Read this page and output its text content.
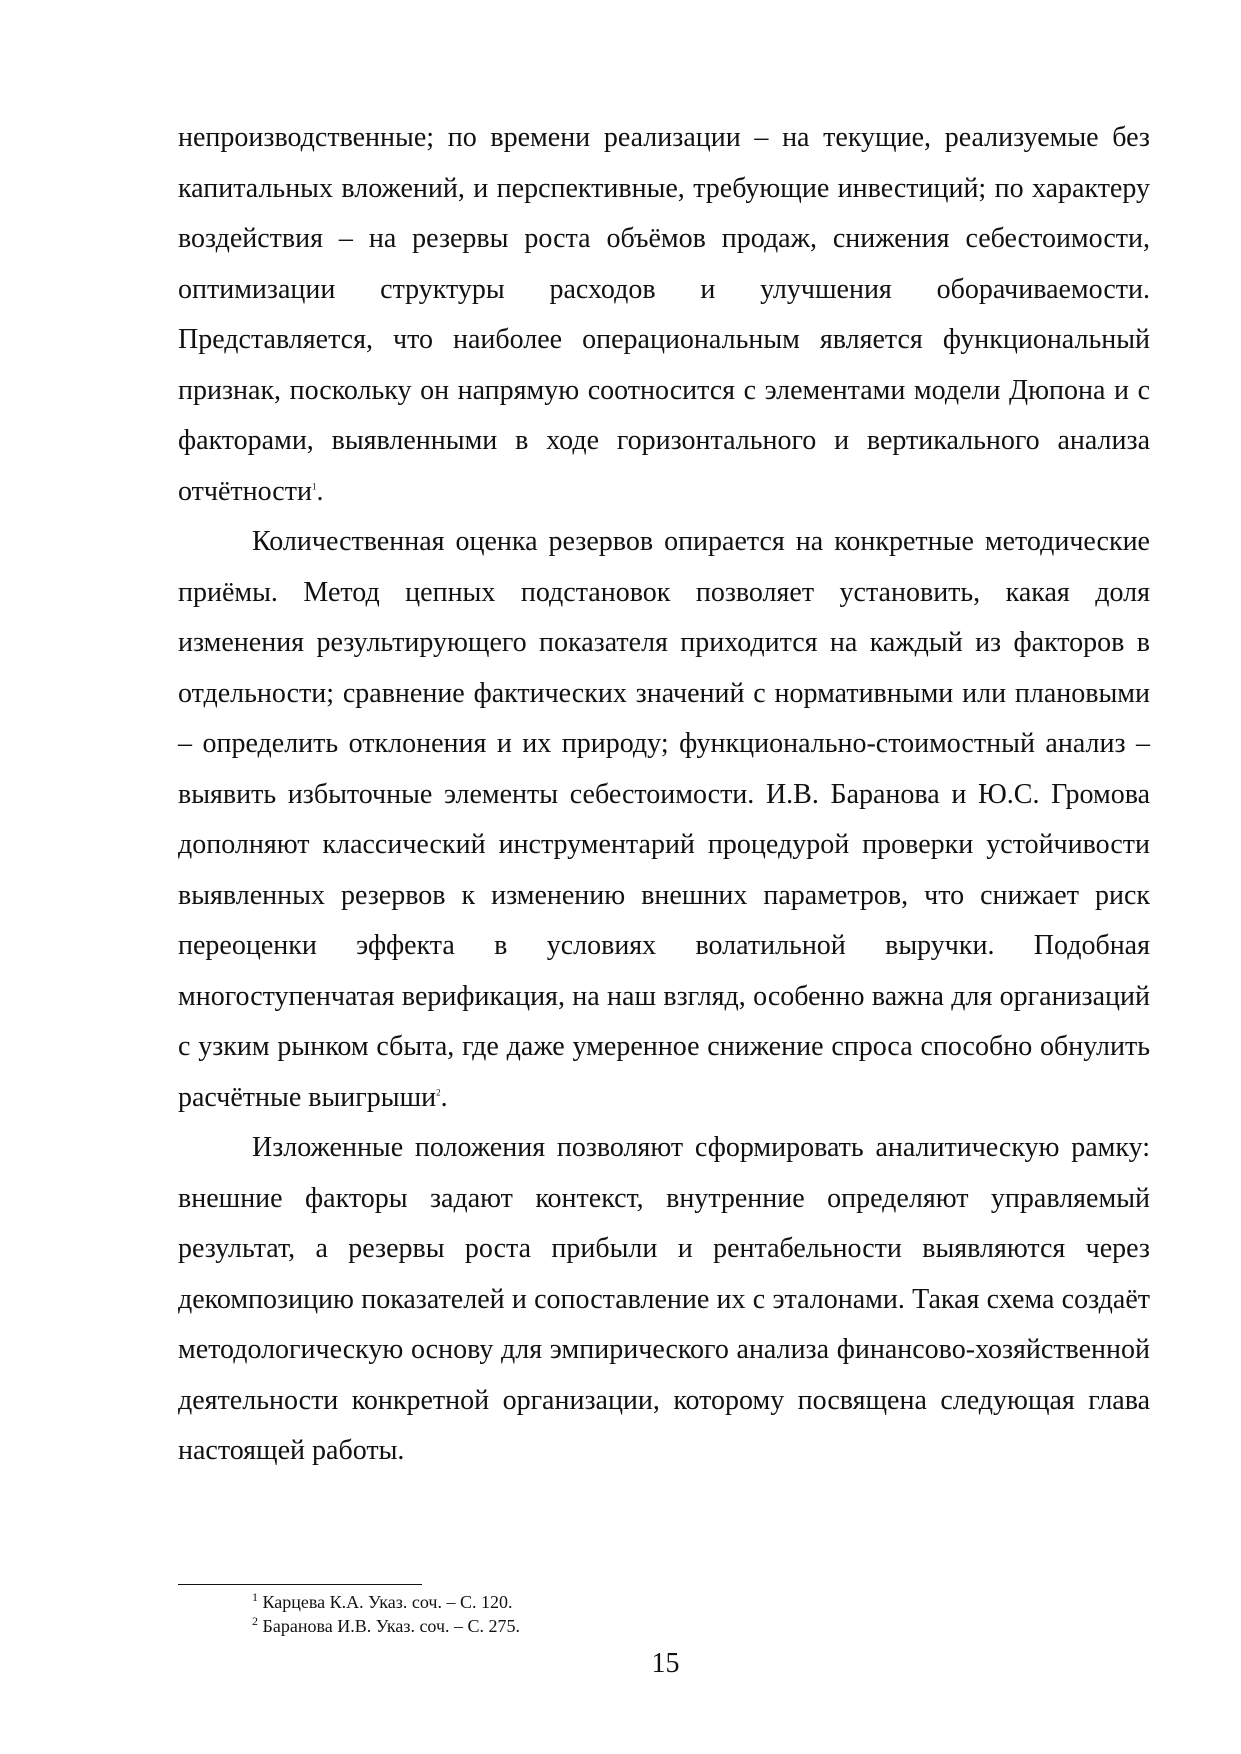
непроизводственные; по времени реализации – на текущие, реализуемые без капитальных вложений, и перспективные, требующие инвестиций; по характеру воздействия – на резервы роста объёмов продаж, снижения себестоимости, оптимизации структуры расходов и улучшения оборачиваемости. Представляется, что наиболее операциональным является функциональный признак, поскольку он напрямую соотносится с элементами модели Дюпона и с факторами, выявленными в ходе горизонтального и вертикального анализа отчётности$^1$.

Количественная оценка резервов опирается на конкретные методические приёмы. Метод цепных подстановок позволяет установить, какая доля изменения результирующего показателя приходится на каждый из факторов в отдельности; сравнение фактических значений с нормативными или плановыми – определить отклонения и их природу; функционально-стоимостный анализ – выявить избыточные элементы себестоимости. И.В. Баранова и Ю.С. Громова дополняют классический инструментарий процедурой проверки устойчивости выявленных резервов к изменению внешних параметров, что снижает риск переоценки эффекта в условиях волатильной выручки. Подобная многоступенчатая верификация, на наш взгляд, особенно важна для организаций с узким рынком сбыта, где даже умеренное снижение спроса способно обнулить расчётные выигрыши$^2$.

Изложенные положения позволяют сформировать аналитическую рамку: внешние факторы задают контекст, внутренние определяют управляемый результат, а резервы роста прибыли и рентабельности выявляются через декомпозицию показателей и сопоставление их с эталонами. Такая схема создаёт методологическую основу для эмпирического анализа финансово-хозяйственной деятельности конкретной организации, которому посвящена следующая глава настоящей работы.

$^1$ Карцева К.А. Указ. соч. – С. 120.

$^2$ Баранова И.В. Указ. соч. – С. 275.

15
